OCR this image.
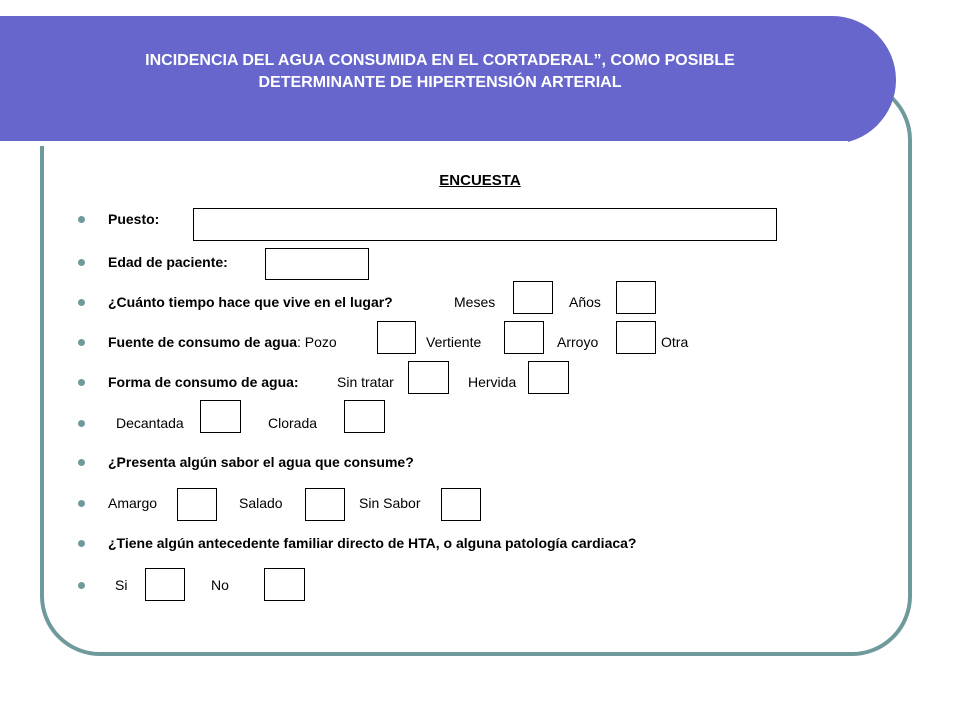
INCIDENCIA DEL AGUA CONSUMIDA EN EL CORTADERAL”, COMO POSIBLE
DETERMINANTE DE HIPERTENSIÓN ARTERIAL
ENCUESTA
Puesto:
Edad de paciente:
¿Cuánto tiempo hace que vive en el lugar?	Meses	Años
Fuente de consumo de agua: Pozo	Vertiente	Arroyo	Otra
Forma de consumo de agua:	Sin tratar	Hervida
Decantada	Clorada
¿Presenta algún sabor el agua que consume?
Amargo	Salado	Sin Sabor
¿Tiene algún antecedente familiar directo de HTA, o alguna patología cardiaca?
Si	No
